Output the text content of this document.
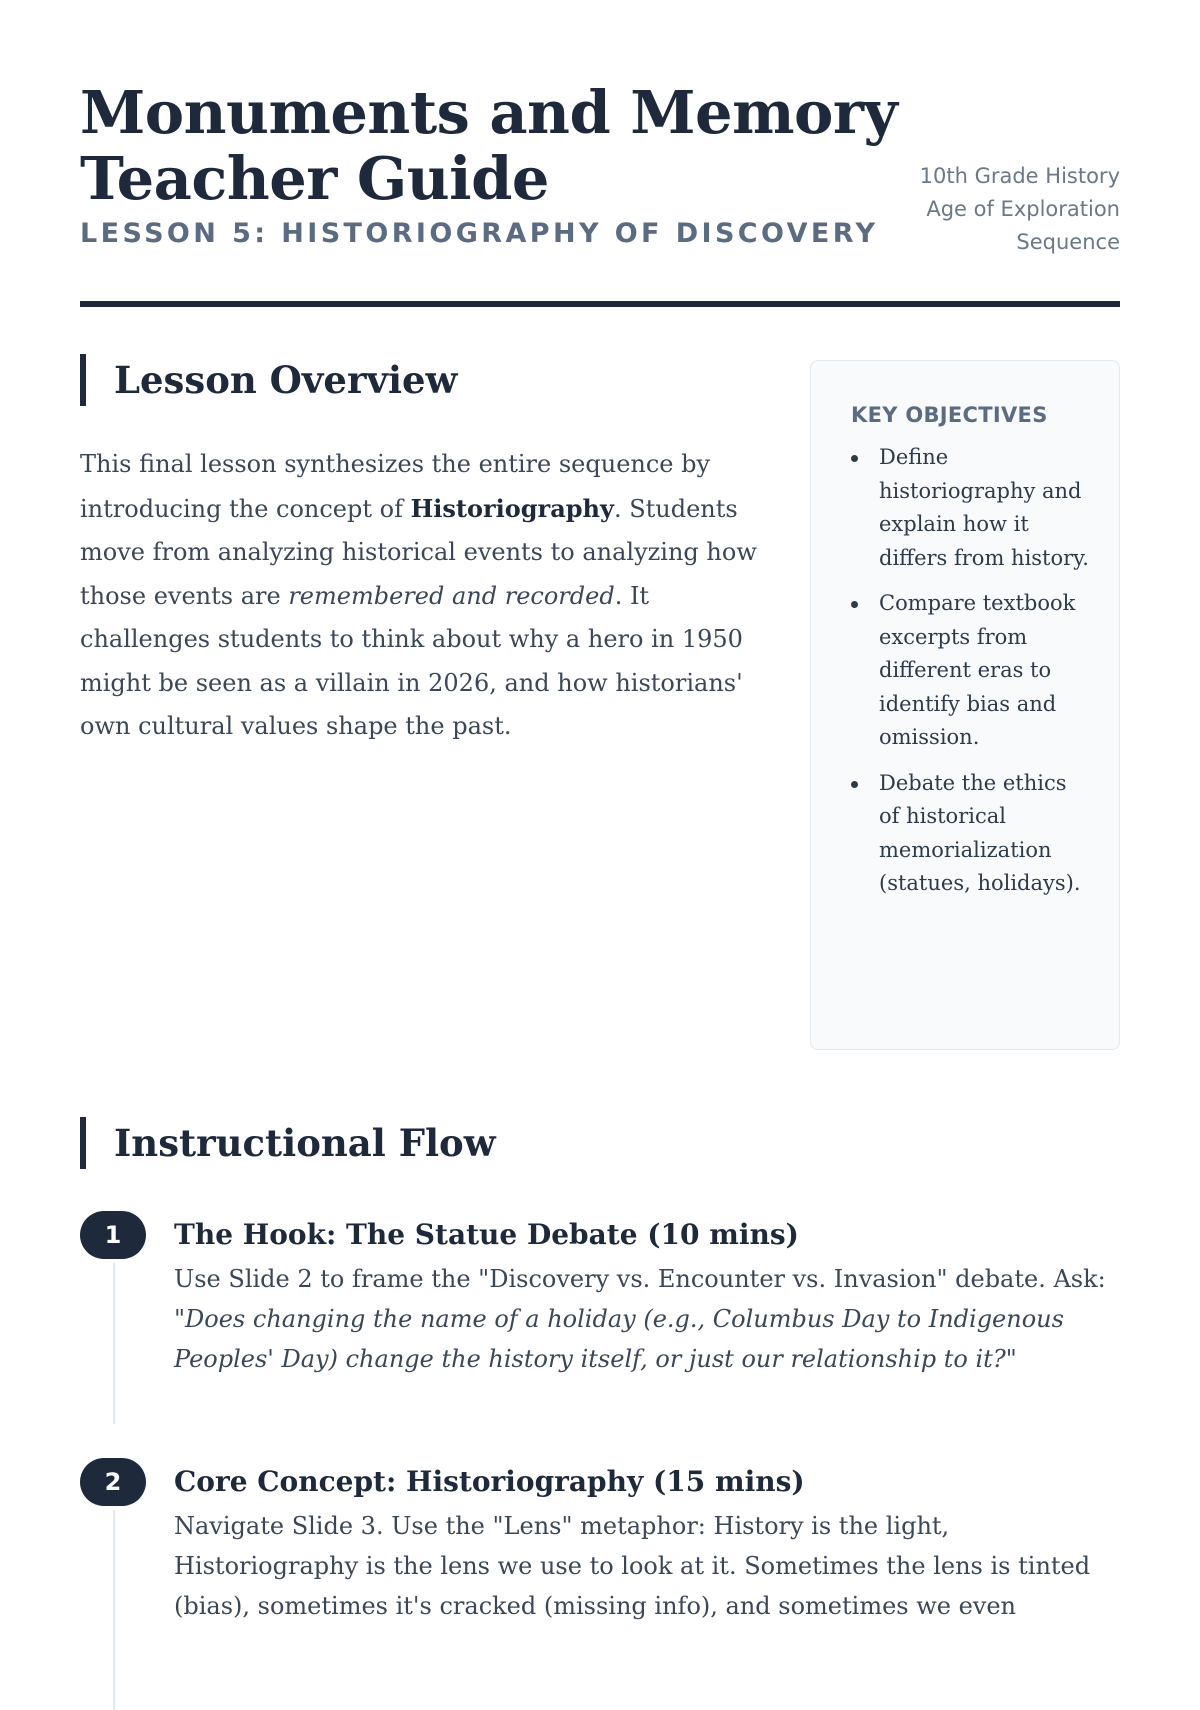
Monuments and Memory
Teacher Guide
LESSON 5: HISTORIOGRAPHY OF DISCOVERY
10th Grade History
Age of Exploration
Sequence
Lesson Overview

This final lesson synthesizes the entire sequence by introducing the concept of Historiography. Students move from analyzing historical events to analyzing how those events are remembered and recorded. It challenges students to think about why a hero in 1950 might be seen as a villain in 2026, and how historians' own cultural values shape the past.

KEY OBJECTIVES
Define historiography and explain how it differs from history.
Compare textbook excerpts from different eras to identify bias and omission.
Debate the ethics of historical memorialization (statues, holidays).
Instructional Flow
1	The Hook: The Statue Debate (10 mins)

Use Slide 2 to frame the "Discovery vs. Encounter vs. Invasion" debate. Ask: "Does changing the name of a holiday (e.g., Columbus Day to Indigenous Peoples' Day) change the history itself, or just our relationship to it?"

2	Core Concept: Historiography (15 mins)

Navigate Slide 3. Use the "Lens" metaphor: History is the light, Historiography is the lens we use to look at it. Sometimes the lens is tinted (bias), sometimes it's cracked (missing info), and sometimes we even
